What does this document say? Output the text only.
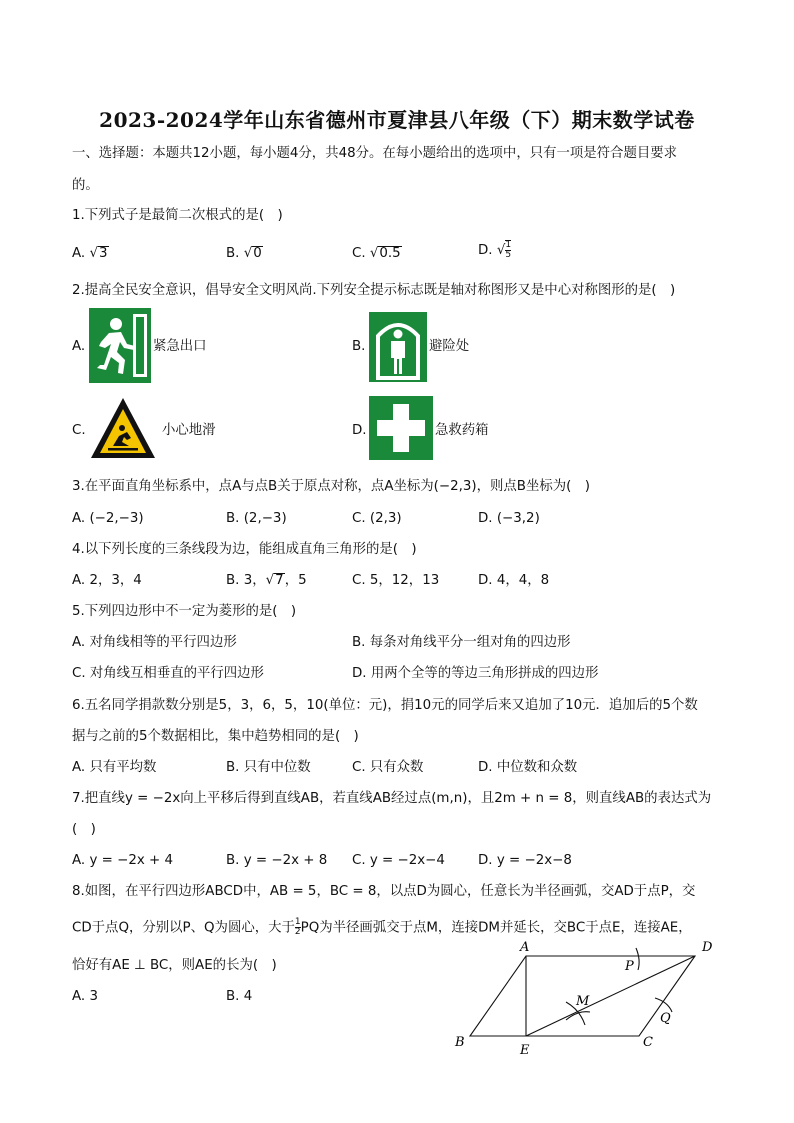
2023-2024学年山东省德州市夏津县八年级（下）期末数学试卷
一、选择题：本题共12小题，每小题4分，共48分。在每小题给出的选项中，只有一项是符合题目要求
的。
1.下列式子是最简二次根式的是(　)
A. √3	B. √0	C. √0.5	D. √ $\frac{1}{5}$
2.提高全民安全意识，倡导安全文明风尚.下列安全提示标志既是轴对称图形又是中心对称图形的是(　)
A.	紧急出口	B.	避险处
C.	小心地滑	D.	急救药箱
3.在平面直角坐标系中，点A与点B关于原点对称，点A坐标为(−2,3)，则点B坐标为(　)
A. (−2,−3)	B. (2,−3)	C. (2,3)	D. (−3,2)
4.以下列长度的三条线段为边，能组成直角三角形的是(　)
A. 2，3，4	B. 3，√7，5	C. 5，12，13	D. 4，4，8
5.下列四边形中不一定为菱形的是(　)
A. 对角线相等的平行四边形	B. 每条对角线平分一组对角的四边形
C. 对角线互相垂直的平行四边形	D. 用两个全等的等边三角形拼成的四边形
6.五名同学捐款数分别是5，3，6，5，10(单位：元)，捐10元的同学后来又追加了10元．追加后的5个数
据与之前的5个数据相比，集中趋势相同的是(　)
A. 只有平均数	B. 只有中位数	C. 只有众数	D. 中位数和众数
7.把直线y = −2x向上平移后得到直线AB，若直线AB经过点(m,n)，且2m + n = 8，则直线AB的表达式为
(　)
A. y = −2x + 4	B. y = −2x + 8 C. y = −2x−4 D. y = −2x−8
8.如图，在平行四边形ABCD中，AB = 5，BC = 8，以点D为圆心，任意长为半径画弧，交AD于点P，交
CD于点Q，分别以P、Q为圆心，大于 $\frac{1}{2}$ PQ为半径画弧交于点M，连接DM并延长，交BC于点E，连接AE，
恰好有AE ⊥ BC，则AE的长为(　)
A. 3	B. 4
A	D
P
M
Q
B
E
C
